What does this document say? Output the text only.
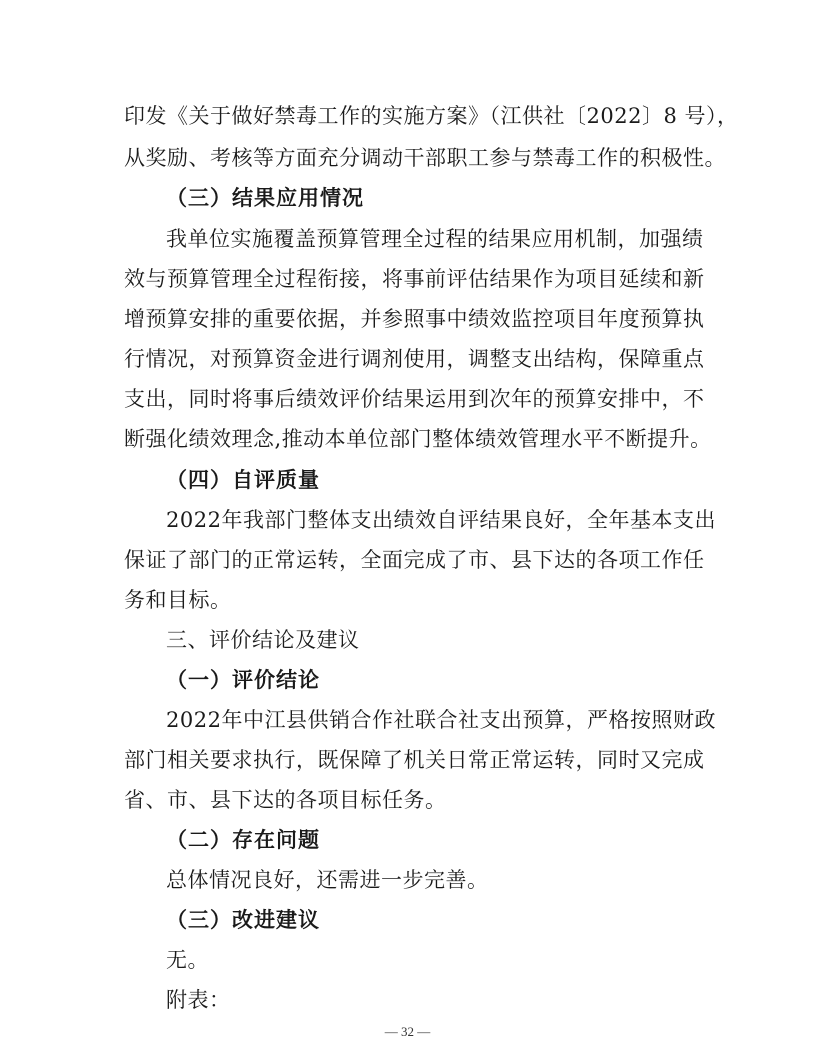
印发《关于做好禁毒工作的实施方案》（江供社〔2022〕8 号），
从奖励、考核等方面充分调动干部职工参与禁毒工作的积极性。
（三）结果应用情况
我单位实施覆盖预算管理全过程的结果应用机制，加强绩
效与预算管理全过程衔接，将事前评估结果作为项目延续和新
增预算安排的重要依据，并参照事中绩效监控项目年度预算执
行情况，对预算资金进行调剂使用，调整支出结构，保障重点
支出，同时将事后绩效评价结果运用到次年的预算安排中，不
断强化绩效理念,推动本单位部门整体绩效管理水平不断提升。
（四）自评质量
2022年我部门整体支出绩效自评结果良好，全年基本支出
保证了部门的正常运转，全面完成了市、县下达的各项工作任
务和目标。
三、评价结论及建议
（一）评价结论
2022年中江县供销合作社联合社支出预算，严格按照财政
部门相关要求执行，既保障了机关日常正常运转，同时又完成
省、市、县下达的各项目标任务。
（二）存在问题
总体情况良好，还需进一步完善。
（三）改进建议
无。
附表：
— 32 —
